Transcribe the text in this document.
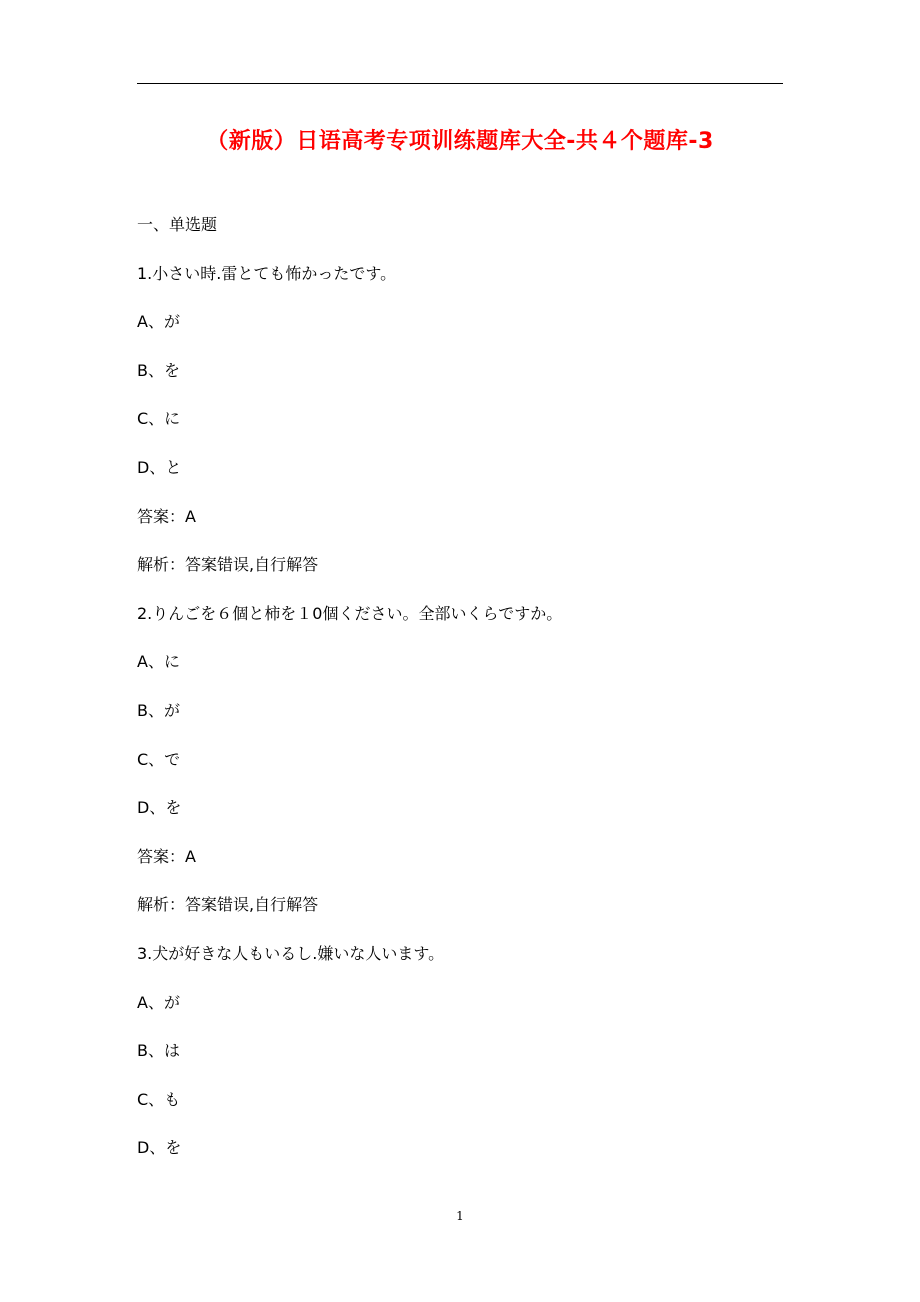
（新版）日语高考专项训练题库大全-共４个题库-3
一、单选题
1.小さい時.雷とても怖かったです。
A、が
B、を
C、に
D、と
答案：A
解析：答案错误,自行解答
2.りんごを６個と柿を１0個ください。全部いくらですか。
A、に
B、が
C、で
D、を
答案：A
解析：答案错误,自行解答
3.犬が好きな人もいるし.嫌いな人います。
A、が
B、は
C、も
D、を
1
